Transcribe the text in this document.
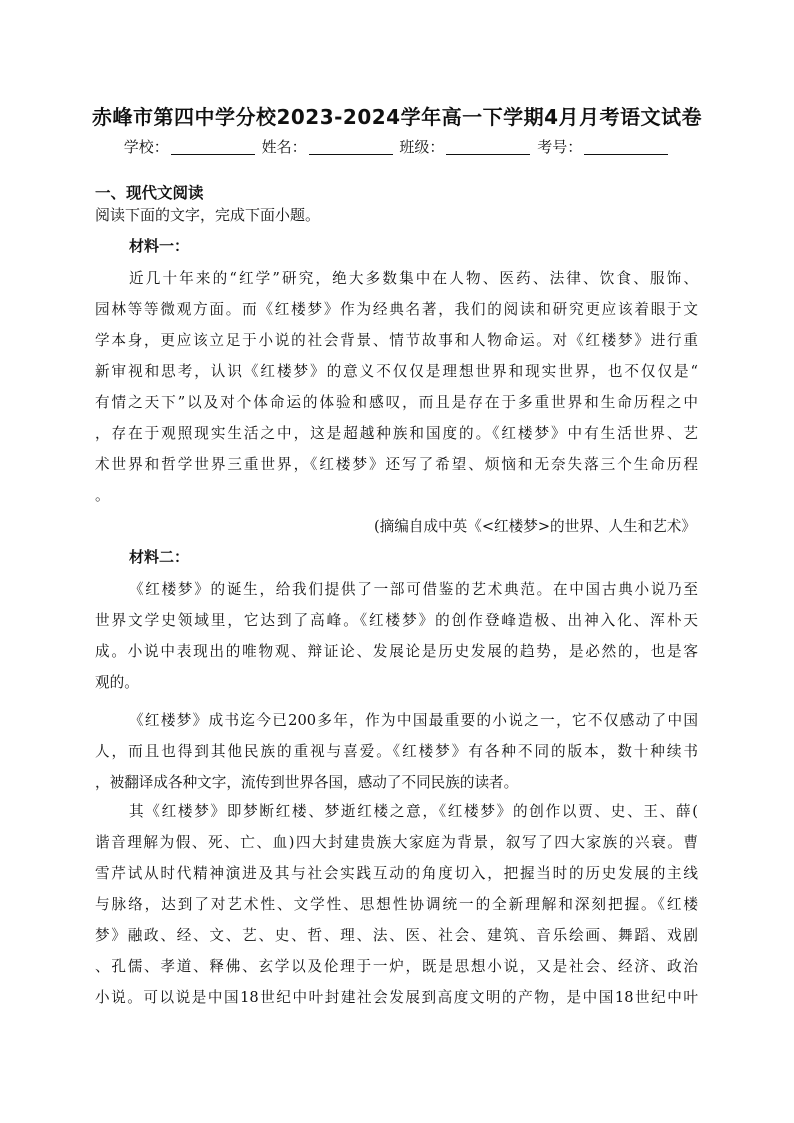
赤峰市第四中学分校2023-2024学年高一下学期4月月考语文试卷
学校：	姓名：	班级：	考号：
一、现代文阅读
阅读下面的文字，完成下面小题。
材料一：
近几十年来的“红学”研究，绝大多数集中在人物、医药、法律、饮食、服饰、
园林等等微观方面。而《红楼梦》作为经典名著，我们的阅读和研究更应该着眼于文
学本身，更应该立足于小说的社会背景、情节故事和人物命运。对《红楼梦》进行重
新审视和思考，认识《红楼梦》的意义不仅仅是理想世界和现实世界，也不仅仅是“
有情之天下”以及对个体命运的体验和感叹，而且是存在于多重世界和生命历程之中
，存在于观照现实生活之中，这是超越种族和国度的。《红楼梦》中有生活世界、艺
术世界和哲学世界三重世界，《红楼梦》还写了希望、烦恼和无奈失落三个生命历程
。
(摘编自成中英《<红楼梦>的世界、人生和艺术》
材料二：
《红楼梦》的诞生，给我们提供了一部可借鉴的艺术典范。在中国古典小说乃至
世界文学史领域里，它达到了高峰。《红楼梦》的创作登峰造极、出神入化、浑朴天
成。小说中表现出的唯物观、辩证论、发展论是历史发展的趋势，是必然的，也是客
观的。
《红楼梦》成书迄今已200多年，作为中国最重要的小说之一，它不仅感动了中国
人，而且也得到其他民族的重视与喜爱。《红楼梦》有各种不同的版本，数十种续书
，被翻译成各种文字，流传到世界各国，感动了不同民族的读者。
其《红楼梦》即梦断红楼、梦逝红楼之意，《红楼梦》的创作以贾、史、王、薛(
谐音理解为假、死、亡、血)四大封建贵族大家庭为背景，叙写了四大家族的兴衰。曹
雪芹试从时代精神演进及其与社会实践互动的角度切入，把握当时的历史发展的主线
与脉络，达到了对艺术性、文学性、思想性协调统一的全新理解和深刻把握。《红楼
梦》融政、经、文、艺、史、哲、理、法、医、社会、建筑、音乐绘画、舞蹈、戏剧
、孔儒、孝道、释佛、玄学以及伦理于一炉，既是思想小说，又是社会、经济、政治
小说。可以说是中国18世纪中叶封建社会发展到高度文明的产物，是中国18世纪中叶
